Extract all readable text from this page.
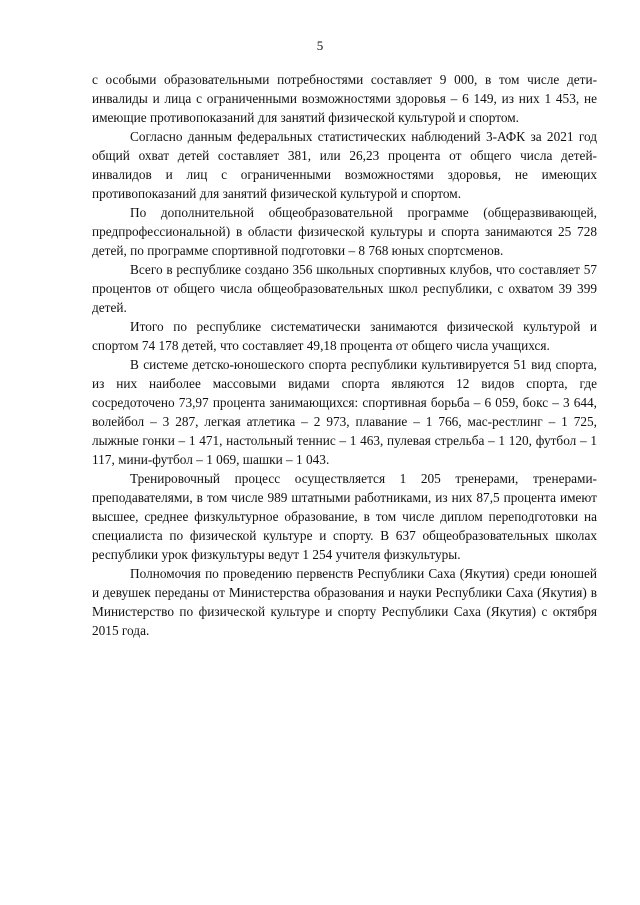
5

с особыми образовательными потребностями составляет 9 000, в том числе дети-инвалиды и лица с ограниченными возможностями здоровья – 6 149, из них 1 453, не имеющие противопоказаний для занятий физической культурой и спортом.

Согласно данным федеральных статистических наблюдений 3-АФК за 2021 год общий охват детей составляет 381, или 26,23 процента от общего числа детей-инвалидов и лиц с ограниченными возможностями здоровья, не имеющих противопоказаний для занятий физической культурой и спортом.

По дополнительной общеобразовательной программе (общеразвивающей, предпрофессиональной) в области физической культуры и спорта занимаются 25 728 детей, по программе спортивной подготовки – 8 768 юных спортсменов.

Всего в республике создано 356 школьных спортивных клубов, что составляет 57 процентов от общего числа общеобразовательных школ республики, с охватом 39 399 детей.

Итого по республике систематически занимаются физической культурой и спортом 74 178 детей, что составляет 49,18 процента от общего числа учащихся.

В системе детско-юношеского спорта республики культивируется 51 вид спорта, из них наиболее массовыми видами спорта являются 12 видов спорта, где сосредоточено 73,97 процента занимающихся: спортивная борьба – 6 059, бокс – 3 644, волейбол – 3 287, легкая атлетика – 2 973, плавание – 1 766, мас-рестлинг – 1 725, лыжные гонки – 1 471, настольный теннис – 1 463, пулевая стрельба – 1 120, футбол – 1 117, мини-футбол – 1 069, шашки – 1 043.

Тренировочный процесс осуществляется 1 205 тренерами, тренерами-преподавателями, в том числе 989 штатными работниками, из них 87,5 процента имеют высшее, среднее физкультурное образование, в том числе диплом переподготовки на специалиста по физической культуре и спорту. В 637 общеобразовательных школах республики урок физкультуры ведут 1 254 учителя физкультуры.

Полномочия по проведению первенств Республики Саха (Якутия) среди юношей и девушек переданы от Министерства образования и науки Республики Саха (Якутия) в Министерство по физической культуре и спорту Республики Саха (Якутия) с октября 2015 года.
